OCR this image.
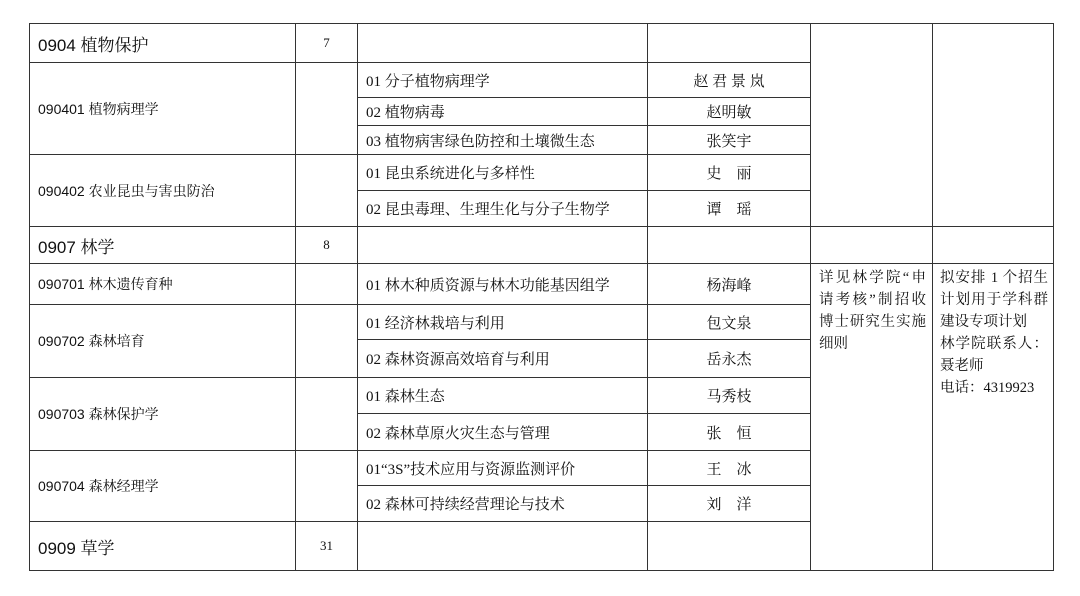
0904 植物保护	7					
090401 植物病理学		01 分子植物病理学	赵 君 景 岚			
		02 植物病毒	赵明敏			
		03 植物病害绿色防控和土壤微生态	张笑宇			
090402 农业昆虫与害虫防治		01 昆虫系统进化与多样性	史　丽			
		02 昆虫毒理、生理生化与分子生物学	谭　瑶			
0907 林学	8					
090701 林木遗传育种		01 林木种质资源与林木功能基因组学	杨海峰	详见林学院“申请考核”制招收博士研究生实施细则	拟安排 1 个招生计划用于学科群建设专项计划
林学院联系人：聂老师
电话：4319923	

090702 森林培育		01 经济林栽培与利用	包文泉			
		02 森林资源高效培育与利用	岳永杰			
090703 森林保护学		01 森林生态	马秀枝			
		02 森林草原火灾生态与管理	张　恒			
090704 森林经理学		01“3S”技术应用与资源监测评价	王　冰			
		02 森林可持续经营理论与技术	刘　洋			
0909 草学	31					
